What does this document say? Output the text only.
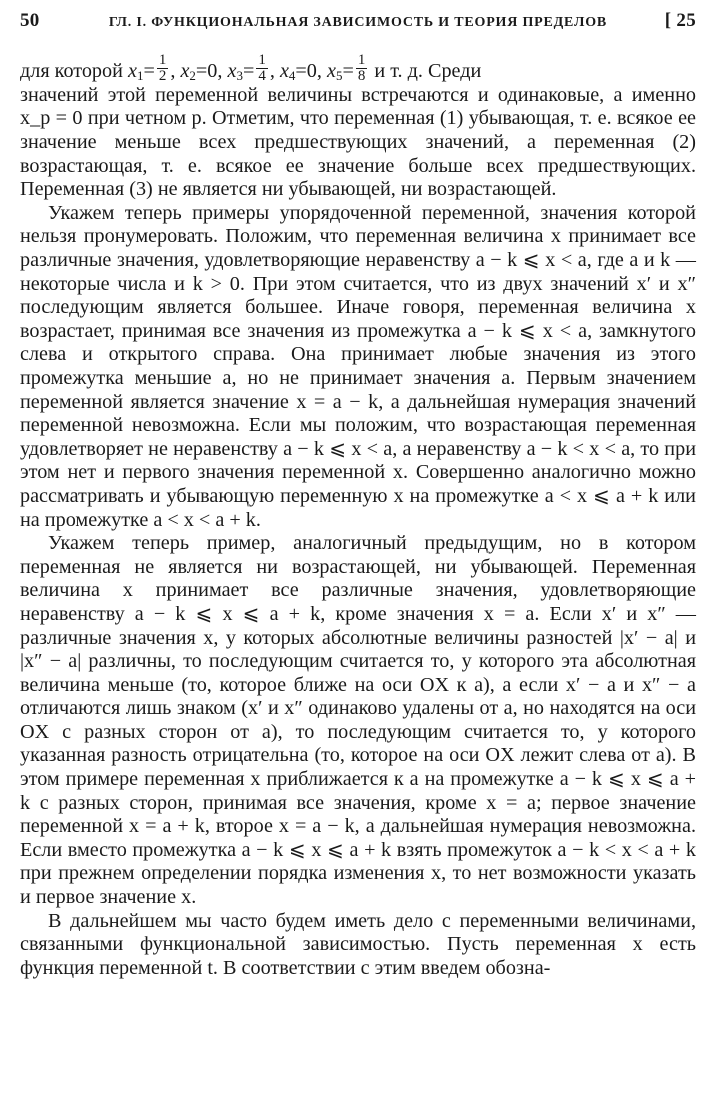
50	ГЛ. I. ФУНКЦИОНАЛЬНАЯ ЗАВИСИМОСТЬ И ТЕОРИЯ ПРЕДЕЛОВ	[ 25

для которой $x_1= \frac{1}{2}$ , $x_2=0$, $x_3= \frac{1}{4}$ , $x_4=0$, $x_5= \frac{1}{8}$ и т. д. Среди

значений этой переменной величины встречаются и одинаковые, а именно x_p = 0 при четном p. Отметим, что переменная (1) убывающая, т. е. всякое ее значение меньше всех предшествующих значений, а переменная (2) возрастающая, т. е. всякое ее значение больше всех предшествующих. Переменная (3) не является ни убывающей, ни возрастающей.

Укажем теперь примеры упорядоченной переменной, значения которой нельзя пронумеровать. Положим, что переменная величина x принимает все различные значения, удовлетворяющие неравенству a − k ⩽ x < a, где a и k — некоторые числа и k > 0. При этом считается, что из двух значений x′ и x″ последующим является большее. Иначе говоря, переменная величина x возрастает, принимая все значения из промежутка a − k ⩽ x < a, замкнутого слева и открытого справа. Она принимает любые значения из этого промежутка меньшие a, но не принимает значения a. Первым значением переменной является значение x = a − k, а дальнейшая нумерация значений переменной невозможна. Если мы положим, что возрастающая переменная удовлетворяет не неравенству a − k ⩽ x < a, а неравенству a − k < x < a, то при этом нет и первого значения переменной x. Совершенно аналогично можно рассматривать и убывающую переменную x на промежутке a < x ⩽ a + k или на промежутке a < x < a + k.

Укажем теперь пример, аналогичный предыдущим, но в котором переменная не является ни возрастающей, ни убывающей. Переменная величина x принимает все различные значения, удовлетворяющие неравенству a − k ⩽ x ⩽ a + k, кроме значения x = a. Если x′ и x″ — различные значения x, у которых абсолютные величины разностей |x′ − a| и |x″ − a| различны, то последующим считается то, у которого эта абсолютная величина меньше (то, которое ближе на оси OX к a), а если x′ − a и x″ − a отличаются лишь знаком (x′ и x″ одинаково удалены от a, но находятся на оси OX с разных сторон от a), то последующим считается то, у которого указанная разность отрицательна (то, которое на оси OX лежит слева от a). В этом примере переменная x приближается к a на промежутке a − k ⩽ x ⩽ a + k с разных сторон, принимая все значения, кроме x = a; первое значение переменной x = a + k, второе x = a − k, а дальнейшая нумерация невозможна. Если вместо промежутка a − k ⩽ x ⩽ a + k взять промежуток a − k < x < a + k при прежнем определении порядка изменения x, то нет возможности указать и первое значение x.

В дальнейшем мы часто будем иметь дело с переменными величинами, связанными функциональной зависимостью. Пусть переменная x есть функция переменной t. В соответствии с этим введем обозна-
